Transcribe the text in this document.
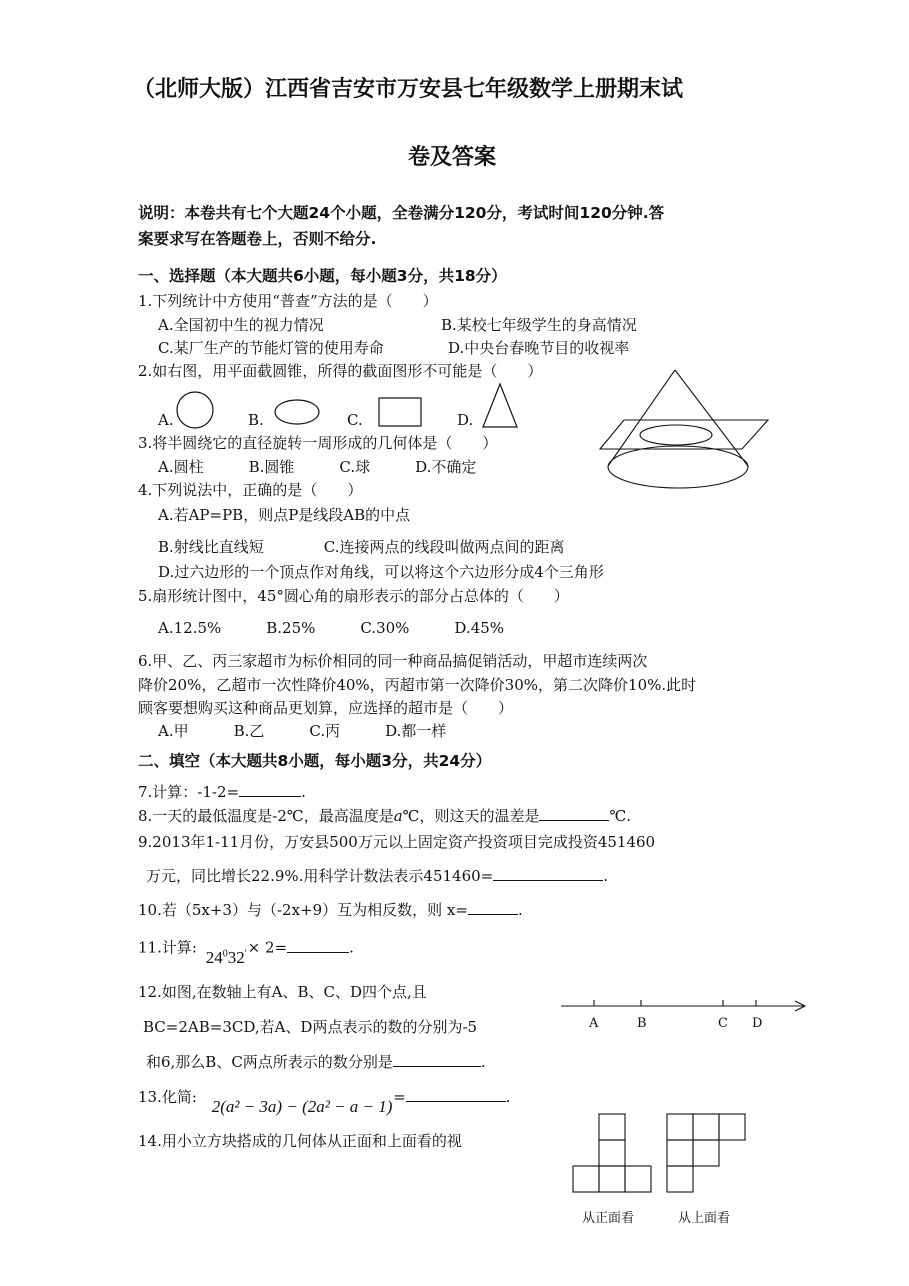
（北师大版）江西省吉安市万安县七年级数学上册期末试
卷及答案
说明：本卷共有七个大题24个小题，全卷满分120分，考试时间120分钟.答
案要求写在答题卷上，否则不给分.
一、选择题（本大题共6小题，每小题3分，共18分）
1.下列统计中方使用“普查”方法的是（　　）
A.全国初中生的视力情况	B.某校七年级学生的身高情况
C.某厂生产的节能灯管的使用寿命	D.中央台春晚节目的收视率
2.如右图，用平面截圆锥，所得的截面图形不可能是（　　）
A.	B.	C.	D.
3.将半圆绕它的直径旋转一周形成的几何体是（　　）
A.圆柱　　　B.圆锥　　　C.球　　　D.不确定
4.下列说法中，正确的是（　　）
A.若AP=PB，则点P是线段AB的中点
B.射线比直线短　　　　C.连接两点的线段叫做两点间的距离
D.过六边形的一个顶点作对角线，可以将这个六边形分成4个三角形
5.扇形统计图中，45°圆心角的扇形表示的部分占总体的（　　）
A.12.5%　　　B.25%　　　C.30%　　　D.45%
6.甲、乙、丙三家超市为标价相同的同一种商品搞促销活动，甲超市连续两次
降价20%，乙超市一次性降价40%，丙超市第一次降价30%，第二次降价10%.此时
顾客要想购买这种商品更划算，应选择的超市是（　　）
A.甲　　　B.乙　　　C.丙　　　D.都一样
二、填空（本大题共8小题，每小题3分，共24分）
7.计算：-1-2=	.
8.一天的最低温度是-2℃，最高温度是a℃，则这天的温差是	℃.
9.2013年1-11月份，万安县500万元以上固定资产投资项目完成投资451460
万元，同比增长22.9%.用科学计数法表示451460=	.
10.若（5x+3）与（-2x+9）互为相反数，则 x=	.
11.计算: $24^032' \times 2=$	.
12.如图,在数轴上有A、B、C、D四个点,且
BC=2AB=3CD,若A、D两点表示的数的分别为-5
和6,那么B、C两点所表示的数分别是	.
A	B	C D
13.化简: 2(a² − 3a) − (2a² − a − 1) =	.
14.用小立方块搭成的几何体从正面和上面看的视
从正面看	从上面看
